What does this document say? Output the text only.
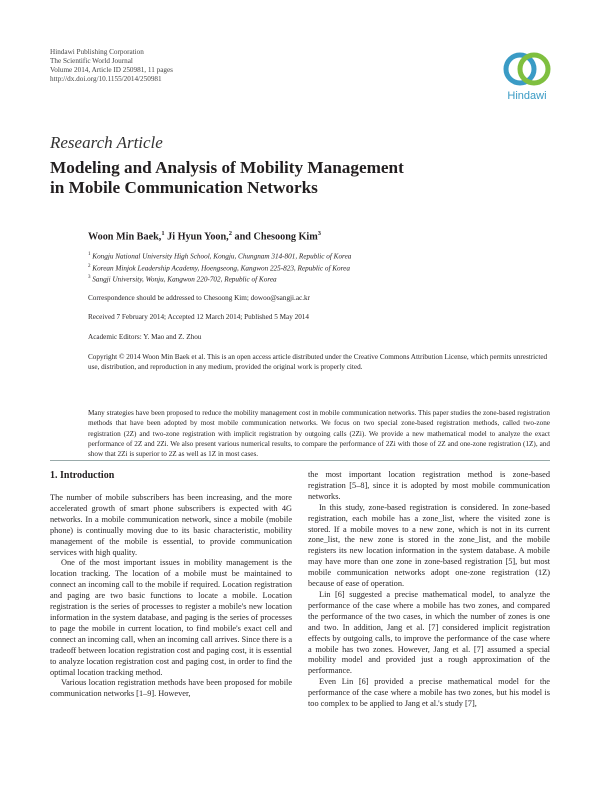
Hindawi Publishing Corporation
The Scientific World Journal
Volume 2014, Article ID 250981, 11 pages
http://dx.doi.org/10.1155/2014/250981
Hindawi
Research Article
Modeling and Analysis of Mobility Management
in Mobile Communication Networks
Woon Min Baek,$^1$ Ji Hyun Yoon,$^2$ and Chesoong Kim$^3$
$^1$ Kongju National University High School, Kongju, Chungnam 314-801, Republic of Korea
$^2$ Korean Minjok Leadership Academy, Hoengseong, Kangwon 225-823, Republic of Korea
$^3$ Sangji University, Wonju, Kangwon 220-702, Republic of Korea
Correspondence should be addressed to Chesoong Kim; dowoo@sangji.ac.kr
Received 7 February 2014; Accepted 12 March 2014; Published 5 May 2014
Academic Editors: Y. Mao and Z. Zhou
Copyright © 2014 Woon Min Baek et al. This is an open access article distributed under the Creative Commons Attribution License, which permits unrestricted use, distribution, and reproduction in any medium, provided the original work is properly cited.
Many strategies have been proposed to reduce the mobility management cost in mobile communication networks. This paper studies the zone-based registration methods that have been adopted by most mobile communication networks. We focus on two special zone-based registration methods, called two-zone registration (2Z) and two-zone registration with implicit registration by outgoing calls (2Zi). We provide a new mathematical model to analyze the exact performance of 2Z and 2Zi. We also present various numerical results, to compare the performance of 2Zi with those of 2Z and one-zone registration (1Z), and show that 2Zi is superior to 2Z as well as 1Z in most cases.
1. Introduction

The number of mobile subscribers has been increasing, and the more accelerated growth of smart phone subscribers is expected with 4G networks. In a mobile communication network, since a mobile (mobile phone) is continually moving due to its basic characteristic, mobility management of the mobile is essential, to provide communication services with high quality.

One of the most important issues in mobility management is the location tracking. The location of a mobile must be maintained to connect an incoming call to the mobile if required. Location registration and paging are two basic functions to locate a mobile. Location registration is the series of processes to register a mobile's new location information in the system database, and paging is the series of processes to page the mobile in current location, to find mobile's exact cell and connect an incoming call, when an incoming call arrives. Since there is a tradeoff between location registration cost and paging cost, it is essential to analyze location registration cost and paging cost, in order to find the optimal location tracking method.

Various location registration methods have been proposed for mobile communication networks [1–9]. However,

the most important location registration method is zone-based registration [5–8], since it is adopted by most mobile communication networks.

In this study, zone-based registration is considered. In zone-based registration, each mobile has a zone_list, where the visited zone is stored. If a mobile moves to a new zone, which is not in its current zone_list, the new zone is stored in the zone_list, and the mobile registers its new location information in the system database. A mobile may have more than one zone in zone-based registration [5], but most mobile communication networks adopt one-zone registration (1Z) because of ease of operation.

Lin [6] suggested a precise mathematical model, to analyze the performance of the case where a mobile has two zones, and compared the performance of the two cases, in which the number of zones is one and two. In addition, Jang et al. [7] considered implicit registration effects by outgoing calls, to improve the performance of the case where a mobile has two zones. However, Jang et al. [7] assumed a special mobility model and provided just a rough approximation of the performance.

Even Lin [6] provided a precise mathematical model for the performance of the case where a mobile has two zones, but his model is too complex to be applied to Jang et al.'s study [7],
